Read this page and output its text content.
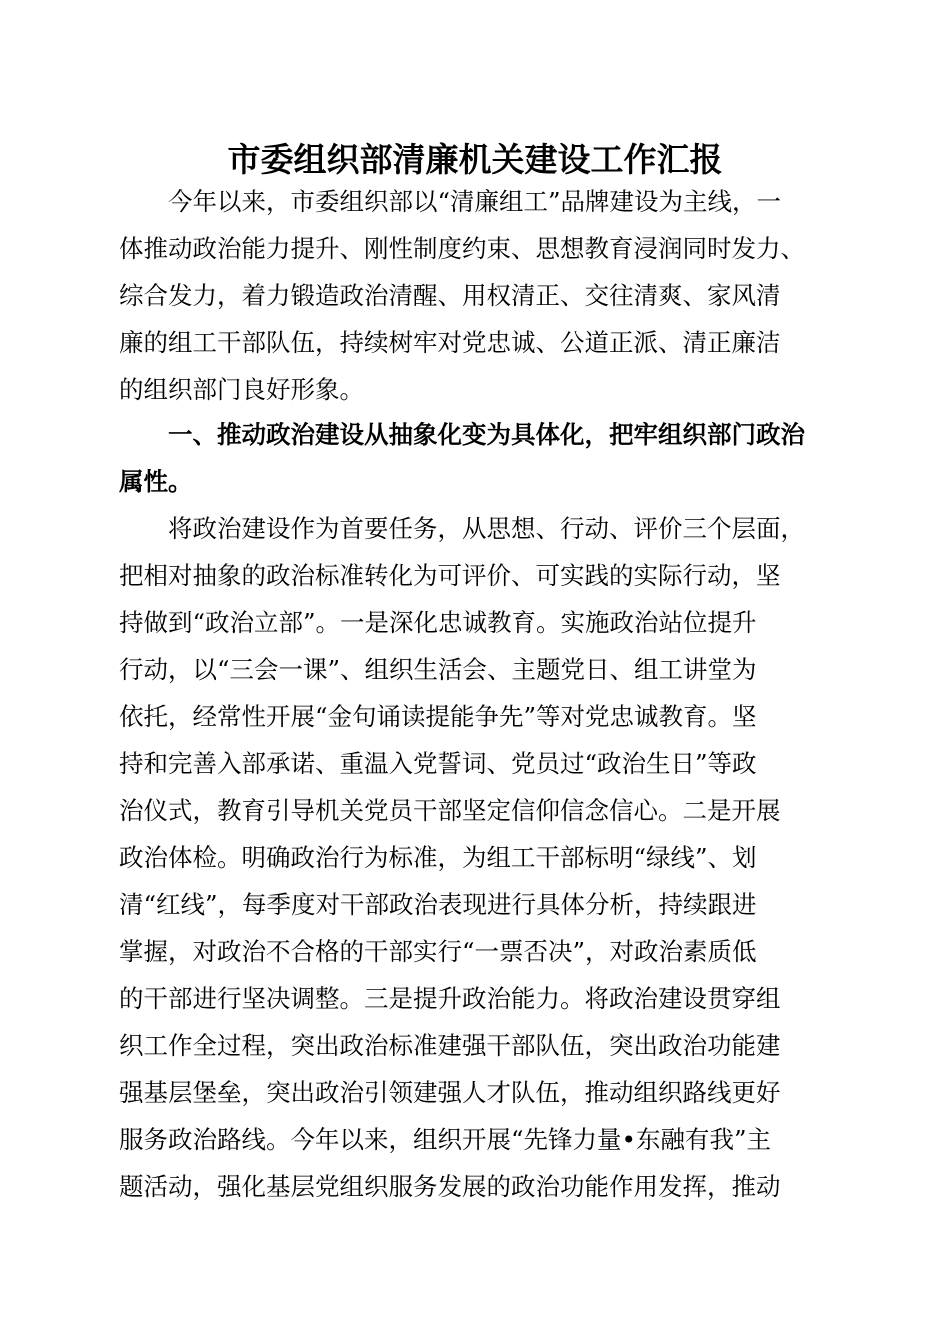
市委组织部清廉机关建设工作汇报
　　今年以来，市委组织部以“清廉组工”品牌建设为主线，一
体推动政治能力提升、刚性制度约束、思想教育浸润同时发力、
综合发力，着力锻造政治清醒、用权清正、交往清爽、家风清
廉的组工干部队伍，持续树牢对党忠诚、公道正派、清正廉洁
的组织部门良好形象。
　　一、推动政治建设从抽象化变为具体化，把牢组织部门政治
属性。
　　将政治建设作为首要任务，从思想、行动、评价三个层面，
把相对抽象的政治标准转化为可评价、可实践的实际行动，坚
持做到“政治立部”。一是深化忠诚教育。实施政治站位提升
行动，以“三会一课”、组织生活会、主题党日、组工讲堂为
依托，经常性开展“金句诵读提能争先”等对党忠诚教育。坚
持和完善入部承诺、重温入党誓词、党员过“政治生日”等政
治仪式，教育引导机关党员干部坚定信仰信念信心。二是开展
政治体检。明确政治行为标准，为组工干部标明“绿线”、划
清“红线”，每季度对干部政治表现进行具体分析，持续跟进
掌握，对政治不合格的干部实行“一票否决”，对政治素质低
的干部进行坚决调整。三是提升政治能力。将政治建设贯穿组
织工作全过程，突出政治标准建强干部队伍，突出政治功能建
强基层堡垒，突出政治引领建强人才队伍，推动组织路线更好
服务政治路线。今年以来，组织开展“先锋力量•东融有我”主
题活动，强化基层党组织服务发展的政治功能作用发挥，推动
